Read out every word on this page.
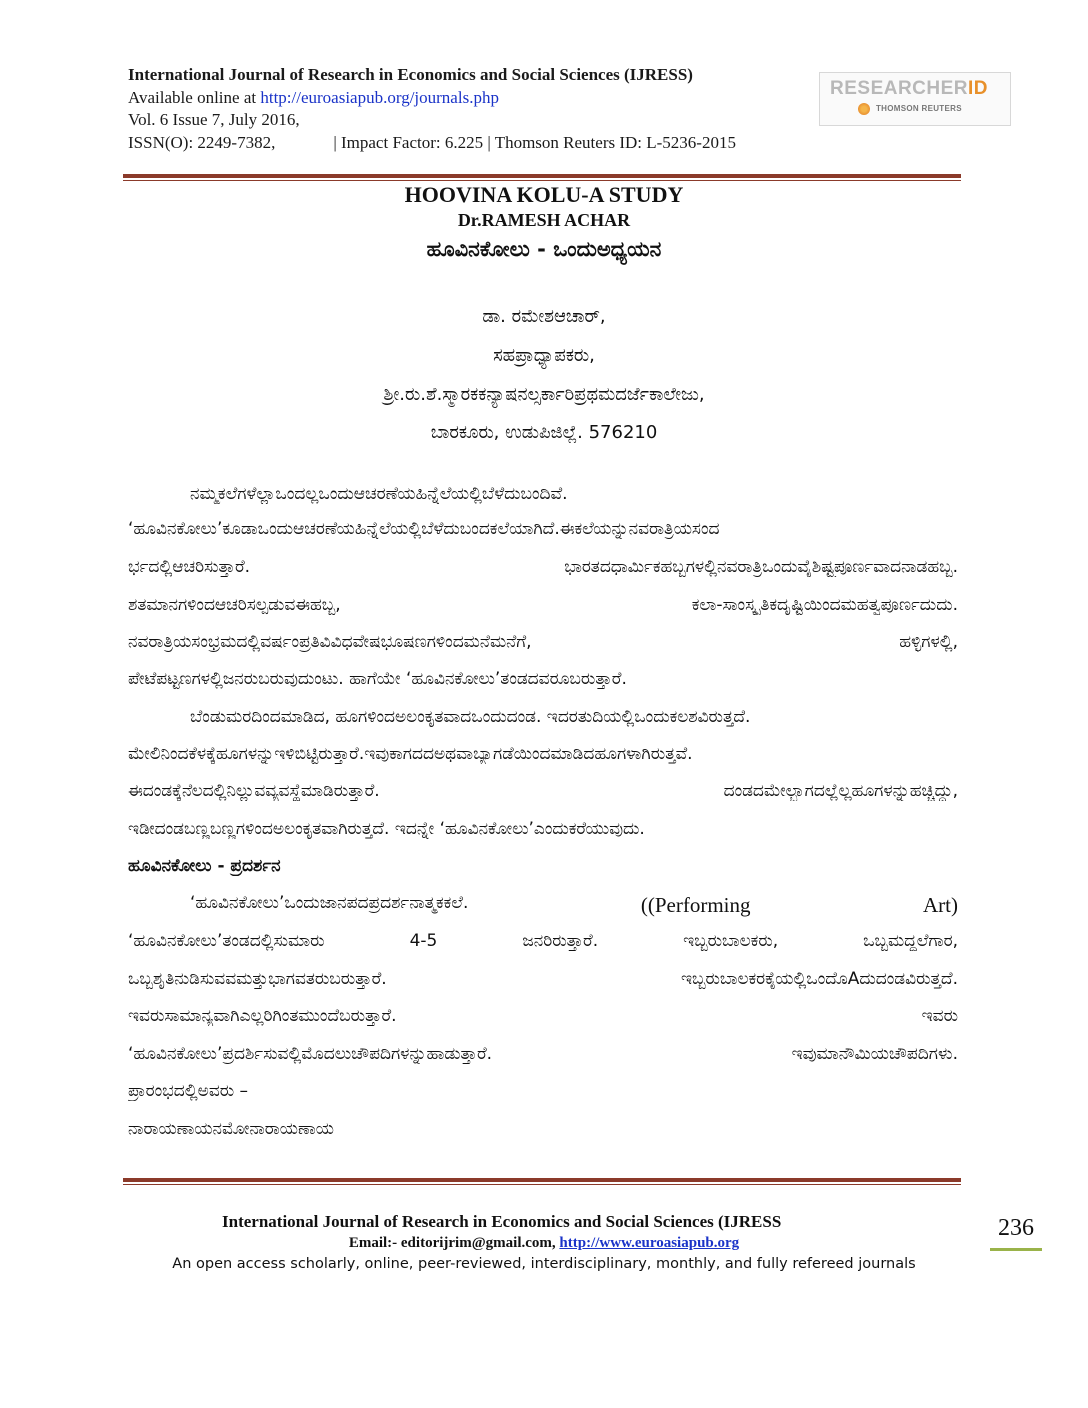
International Journal of Research in Economics and Social Sciences (IJRESS)
Available online at http://euroasiapub.org/journals.php
Vol. 6 Issue 7, July 2016,
ISSN(O): 2249-7382,	| Impact Factor: 6.225 | Thomson Reuters ID: L-5236-2015
RESEARCHERID
THOMSON REUTERS
HOOVINA KOLU-A STUDY
Dr.RAMESH ACHAR
ಹೂವಿನಕೋಲು - ಒಂದುಅಧ್ಯಯನ
ಡಾ. ರಮೇಶಆಚಾರ್,
ಸಹಪ್ರಾಧ್ಯಾಪಕರು,
ಶ್ರೀ.ರು.ಶೆ.ಸ್ಮಾರಕಕನ್ಯಾಷನಲ್ಸರ್ಕಾರಿಪ್ರಥಮದರ್ಜೆಕಾಲೇಜು,
ಬಾರಕೂರು, ಉಡುಪಿಜಿಲ್ಲೆ. 576210
ನಮ್ಮಕಲೆಗಳೆಲ್ಲಾಒಂದಲ್ಲಒಂದುಆಚರಣೆಯಹಿನ್ನೆಲೆಯಲ್ಲಿಬೆಳೆದುಬಂದಿವೆ.
‘ಹೂವಿನಕೋಲು’ಕೂಡಾಒಂದುಆಚರಣೆಯಹಿನ್ನೆಲೆಯಲ್ಲಿಬೆಳೆದುಬಂದಕಲೆಯಾಗಿದೆ.ಈಕಲೆಯನ್ನುನವರಾತ್ರಿಯಸಂದ
ರ್ಭದಲ್ಲಿಆಚರಿಸುತ್ತಾರೆ.	ಭಾರತದಧಾರ್ಮಿಕಹಬ್ಬಗಳಲ್ಲಿನವರಾತ್ರಿಒಂದುವೈಶಿಷ್ಟ್ಯಪೂರ್ಣವಾದನಾಡಹಬ್ಬ.
ಶತಮಾನಗಳಿಂದಆಚರಿಸಲ್ಪಡುವಈಹಬ್ಬ,	ಕಲಾ-ಸಾಂಸ್ಕೃತಿಕದೃಷ್ಟಿಯಿಂದಮಹತ್ವಪೂರ್ಣದುದು.
ನವರಾತ್ರಿಯಸಂಭ್ರಮದಲ್ಲಿವರ್ಷಂಪ್ರತಿವಿವಿಧವೇಷಭೂಷಣಗಳಿಂದಮನೆಮನೆಗೆ,	ಹಳ್ಳಿಗಳಲ್ಲಿ,
ಪೇಟೆಪಟ್ಟಣಗಳಲ್ಲಿಜನರುಬರುವುದುಂಟು. ಹಾಗೆಯೇ ‘ಹೂವಿನಕೋಲು’ತಂಡದವರೂಬರುತ್ತಾರೆ.
ಬೆಂಡುಮರದಿಂದಮಾಡಿದ, ಹೂಗಳಿಂದಅಲಂಕೃತವಾದಒಂದುದಂಡ. ಇದರತುದಿಯಲ್ಲಿಒಂದುಕಲಶವಿರುತ್ತದೆ.
ಮೇಲಿನಿಂದಕೆಳಕ್ಕೆಹೂಗಳನ್ನುಇಳಿಬಿಟ್ಟಿರುತ್ತಾರೆ.ಇವುಕಾಗದದಅಥವಾಬ್ಯಾಗಡೆಯಿಂದಮಾಡಿದಹೂಗಳಾಗಿರುತ್ತವೆ.
ಈದಂಡಕ್ಕೆನೆಲದಲ್ಲಿನಿಲ್ಲುವವ್ಯವಸ್ಥೆಮಾಡಿರುತ್ತಾರೆ.	ದಂಡದಮೇಲ್ಭಾಗದಲ್ಲೆಲ್ಲಹೂಗಳನ್ನುಹಚ್ಚಿದ್ದು,
ಇಡೀದಂಡಬಣ್ಣಬಣ್ಣಗಳಿಂದಅಲಂಕೃತವಾಗಿರುತ್ತದೆ. ಇದನ್ನೇ ‘ಹೂವಿನಕೋಲು’ಎಂದುಕರೆಯುವುದು.
ಹೂವಿನಕೋಲು - ಪ್ರದರ್ಶನ
‘ಹೂವಿನಕೋಲು’ಒಂದುಜಾನಪದಪ್ರದರ್ಶನಾತ್ಮಕಕಲೆ.	((Performing	Art)
‘ಹೂವಿನಕೋಲು’ತಂಡದಲ್ಲಿಸುಮಾರು	4-5	ಜನರಿರುತ್ತಾರೆ.	ಇಬ್ಬರುಬಾಲಕರು,	ಒಬ್ಬಮದ್ದಲೆಗಾರ,
ಒಬ್ಬಶೃತಿನುಡಿಸುವವಮತ್ತುಭಾಗವತರುಬರುತ್ತಾರೆ.	ಇಬ್ಬರುಬಾಲಕರಕೈಯಲ್ಲಿಒಂದೊAದುದಂಡವಿರುತ್ತದೆ.
ಇವರುಸಾಮಾನ್ಯವಾಗಿಎಲ್ಲರಿಗಿಂತಮುಂದೆಬರುತ್ತಾರೆ.	ಇವರು
‘ಹೂವಿನಕೋಲು’ಪ್ರದರ್ಶಿಸುವಲ್ಲಿಮೊದಲುಚೌಪದಿಗಳನ್ನುಹಾಡುತ್ತಾರೆ.	ಇವುಮಾನೌಮಿಯಚೌಪದಿಗಳು.
ಪ್ರಾರಂಭದಲ್ಲಿಅವರು –
ನಾರಾಯಣಾಯನಮೋನಾರಾಯಣಾಯ
International Journal of Research in Economics and Social Sciences (IJRESS
Email:- editorijrim@gmail.com, http://www.euroasiapub.org
An open access scholarly, online, peer-reviewed, interdisciplinary, monthly, and fully refereed journals
236
